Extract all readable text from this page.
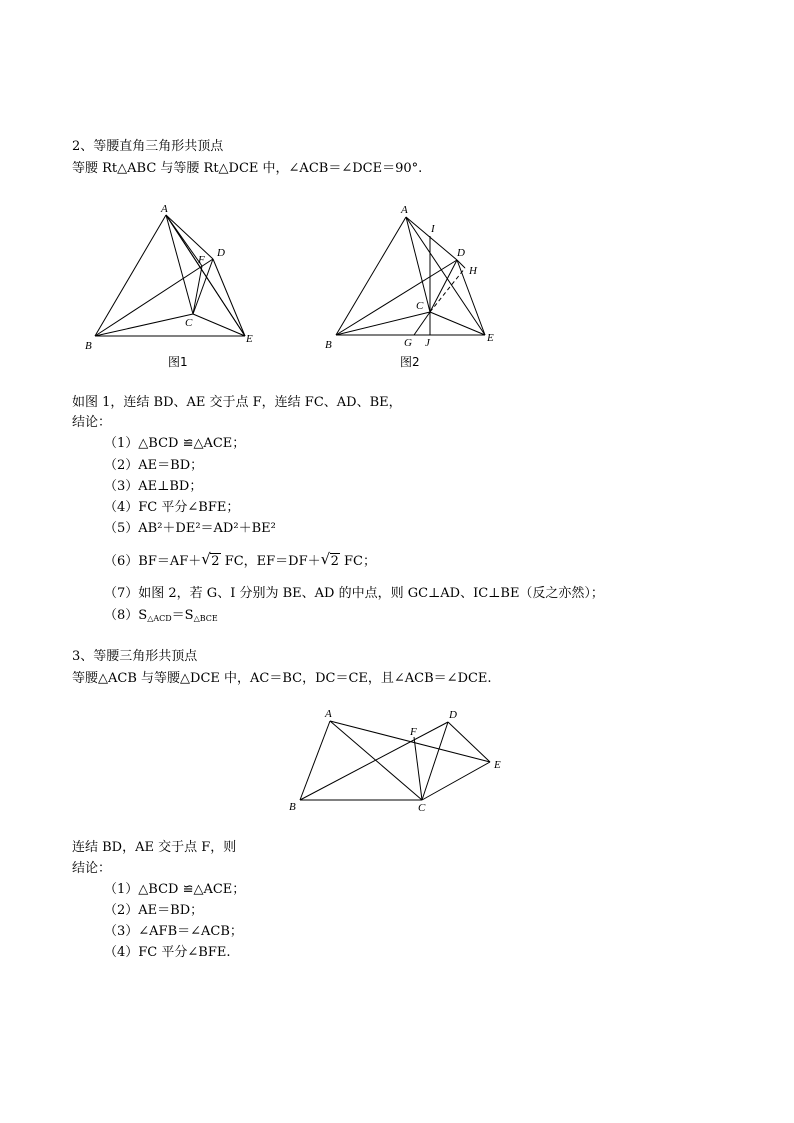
2、等腰直角三角形共顶点
等腰 Rt△ABC 与等腰 Rt△DCE 中，∠ACB＝∠DCE＝90°.
A
B
C
D
E
F
图1
A
B
C
D
E
G
H
I
J
图2
如图 1，连结 BD、AE 交于点 F，连结 FC、AD、BE，
结论：
（1）△BCD ≌△ACE；
（2）AE＝BD；
（3）AE⊥BD；
（4）FC 平分∠BFE；
（5）AB²＋DE²＝AD²＋BE²
（6）BF＝AF＋ √ 2 FC，EF＝DF＋ √ 2 FC；
（7）如图 2，若 G、I 分别为 BE、AD 的中点，则 GC⊥AD、IC⊥BE（反之亦然）；
$(8)S_{\triangle ACD}=S_{\triangle BCE}$
3、等腰三角形共顶点
等腰△ACB 与等腰△DCE 中，AC＝BC，DC＝CE，且∠ACB＝∠DCE.
A
B	C
D
E
F
连结 BD，AE 交于点 F，则
结论：
（1）△BCD ≌△ACE；
（2）AE＝BD；
（3）∠AFB＝∠ACB；
（4）FC 平分∠BFE.
